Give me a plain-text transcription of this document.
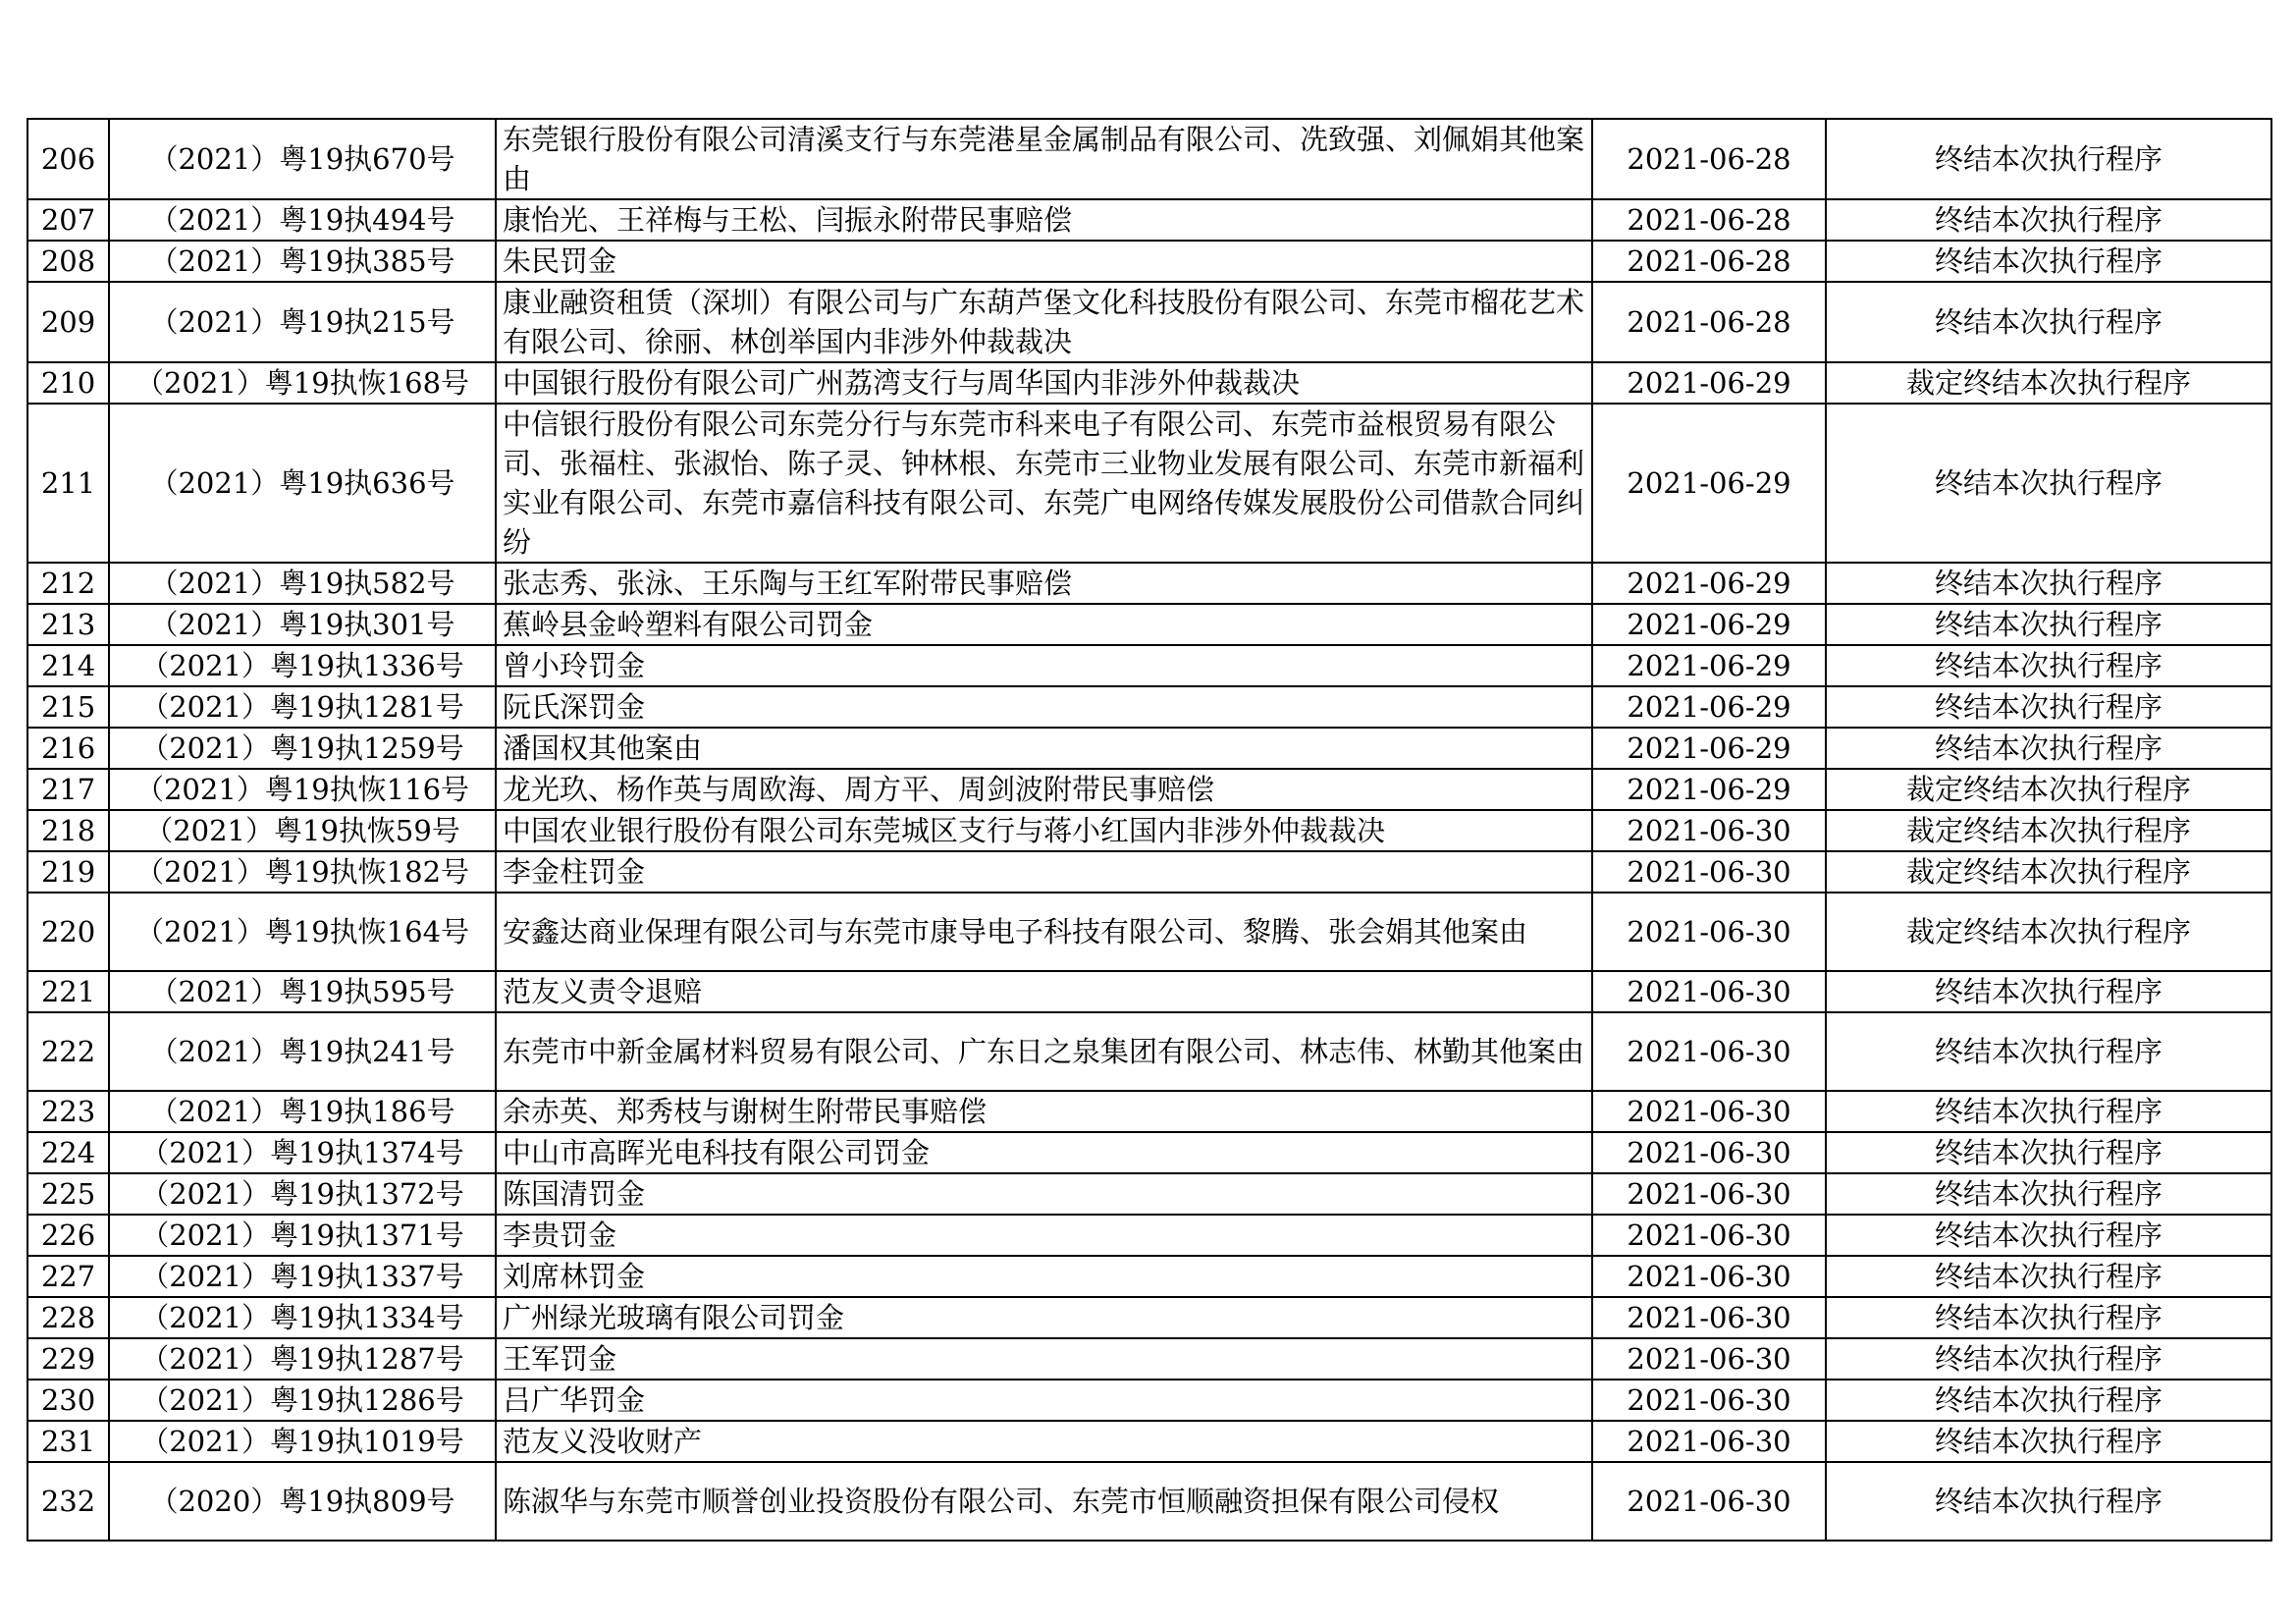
206	（2021）粤19执670号	东莞银行股份有限公司清溪支行与东莞港星金属制品有限公司、冼致强、刘佩娟其他案由	2021-06-28	终结本次执行程序
207	（2021）粤19执494号	康怡光、王祥梅与王松、闫振永附带民事赔偿	2021-06-28	终结本次执行程序
208	（2021）粤19执385号	朱民罚金	2021-06-28	终结本次执行程序
209	（2021）粤19执215号	康业融资租赁（深圳）有限公司与广东葫芦堡文化科技股份有限公司、东莞市榴花艺术有限公司、徐丽、林创举国内非涉外仲裁裁决	2021-06-28	终结本次执行程序
210	（2021）粤19执恢168号	中国银行股份有限公司广州荔湾支行与周华国内非涉外仲裁裁决	2021-06-29	裁定终结本次执行程序
211	（2021）粤19执636号	中信银行股份有限公司东莞分行与东莞市科来电子有限公司、东莞市益根贸易有限公司、张福柱、张淑怡、陈子灵、钟林根、东莞市三业物业发展有限公司、东莞市新福利实业有限公司、东莞市嘉信科技有限公司、东莞广电网络传媒发展股份公司借款合同纠纷	2021-06-29	终结本次执行程序
212	（2021）粤19执582号	张志秀、张泳、王乐陶与王红军附带民事赔偿	2021-06-29	终结本次执行程序
213	（2021）粤19执301号	蕉岭县金岭塑料有限公司罚金	2021-06-29	终结本次执行程序
214	（2021）粤19执1336号	曾小玲罚金	2021-06-29	终结本次执行程序
215	（2021）粤19执1281号	阮氏深罚金	2021-06-29	终结本次执行程序
216	（2021）粤19执1259号	潘国权其他案由	2021-06-29	终结本次执行程序
217	（2021）粤19执恢116号	龙光玖、杨作英与周欧海、周方平、周剑波附带民事赔偿	2021-06-29	裁定终结本次执行程序
218	（2021）粤19执恢59号	中国农业银行股份有限公司东莞城区支行与蒋小红国内非涉外仲裁裁决	2021-06-30	裁定终结本次执行程序
219	（2021）粤19执恢182号	李金柱罚金	2021-06-30	裁定终结本次执行程序
220	（2021）粤19执恢164号	安鑫达商业保理有限公司与东莞市康导电子科技有限公司、黎腾、张会娟其他案由	2021-06-30	裁定终结本次执行程序
221	（2021）粤19执595号	范友义责令退赔	2021-06-30	终结本次执行程序
222	（2021）粤19执241号	东莞市中新金属材料贸易有限公司、广东日之泉集团有限公司、林志伟、林勤其他案由	2021-06-30	终结本次执行程序
223	（2021）粤19执186号	余赤英、郑秀枝与谢树生附带民事赔偿	2021-06-30	终结本次执行程序
224	（2021）粤19执1374号	中山市高晖光电科技有限公司罚金	2021-06-30	终结本次执行程序
225	（2021）粤19执1372号	陈国清罚金	2021-06-30	终结本次执行程序
226	（2021）粤19执1371号	李贵罚金	2021-06-30	终结本次执行程序
227	（2021）粤19执1337号	刘席林罚金	2021-06-30	终结本次执行程序
228	（2021）粤19执1334号	广州绿光玻璃有限公司罚金	2021-06-30	终结本次执行程序
229	（2021）粤19执1287号	王军罚金	2021-06-30	终结本次执行程序
230	（2021）粤19执1286号	吕广华罚金	2021-06-30	终结本次执行程序
231	（2021）粤19执1019号	范友义没收财产	2021-06-30	终结本次执行程序
232	（2020）粤19执809号	陈淑华与东莞市顺誉创业投资股份有限公司、东莞市恒顺融资担保有限公司侵权	2021-06-30	终结本次执行程序
